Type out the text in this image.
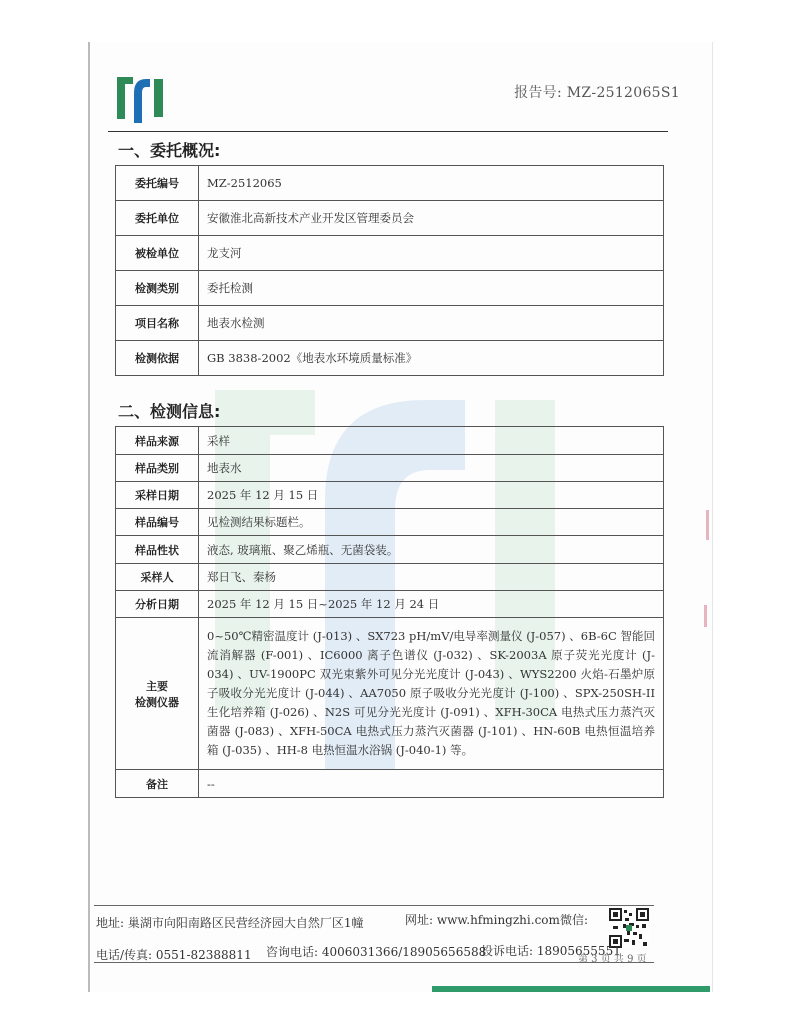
报告号: MZ-2512065S1
一、委托概况:
委托编号	MZ-2512065
委托单位	安徽淮北高新技术产业开发区管理委员会
被检单位	龙支河
检测类别	委托检测
项目名称	地表水检测
检测依据	GB 3838-2002《地表水环境质量标准》
二、检测信息:
样品来源	采样
样品类别	地表水
采样日期	2025 年 12 月 15 日
样品编号	见检测结果标题栏。
样品性状	液态, 玻璃瓶、聚乙烯瓶、无菌袋装。
采样人	郑日飞、秦杨
分析日期	2025 年 12 月 15 日~2025 年 12 月 24 日

主要
检测仪器	0~50℃精密温度计 (J-013) 、SX723 pH/mV/电导率测量仪 (J-057) 、6B-6C 智能回流消解器 (F-001) 、IC6000 离子色谱仪 (J-032) 、SK-2003A 原子荧光光度计 (J-034) 、UV-1900PC 双光束紫外可见分光光度计 (J-043) 、WYS2200 火焰-石墨炉原子吸收分光光度计 (J-044) 、AA7050 原子吸收分光光度计 (J-100) 、SPX-250SH-II 生化培养箱 (J-026) 、N2S 可见分光光度计 (J-091) 、XFH-30CA 电热式压力蒸汽灭菌器 (J-083) 、XFH-50CA 电热式压力蒸汽灭菌器 (J-101) 、HN-60B 电热恒温培养箱 (J-035) 、HH-8 电热恒温水浴锅 (J-040-1) 等。
备注	--
地址: 巢湖市向阳南路区民营经济园大自然厂区1幢	网址: www.hfmingzhi.com 微信:
电话/传真: 0551-82388811 咨询电话: 4006031366/18905656588
投诉电话: 18905655551
第 3 页 共 9 页
